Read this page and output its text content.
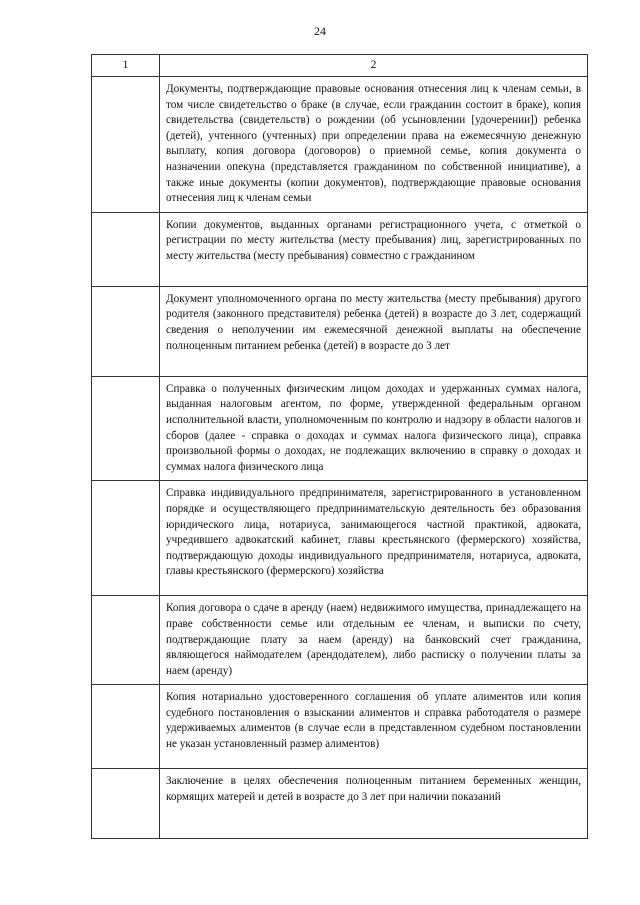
24
1	2
	Документы, подтверждающие правовые основания отнесения лиц к членам семьи, в том числе свидетельство о браке (в случае, если гражданин состоит в браке), копия свидетельства (свидетельств) о рождении (об усыновлении [удочерении]) ребенка (детей), учтенного (учтенных) при определении права на ежемесячную денежную выплату, копия договора (договоров) о приемной семье, копия документа о назначении опекуна (представляется гражданином по собственной инициативе), а также иные документы (копии документов), подтверждающие правовые основания отнесения лиц к членам семьи
	Копии документов, выданных органами регистрационного учета, с отметкой о регистрации по месту жительства (месту пребывания) лиц, зарегистрированных по месту жительства (месту пребывания) совместно с гражданином
	Документ уполномоченного органа по месту жительства (месту пребывания) другого родителя (законного представителя) ребенка (детей) в возрасте до 3 лет, содержащий сведения о неполучении им ежемесячной денежной выплаты на обеспечение полноценным питанием ребенка (детей) в возрасте до 3 лет
	Справка о полученных физическим лицом доходах и удержанных суммах налога, выданная налоговым агентом, по форме, утвержденной федеральным органом исполнительной власти, уполномоченным по контролю и надзору в области налогов и сборов (далее - справка о доходах и суммах налога физического лица), справка произвольной формы о доходах, не подлежащих включению в справку о доходах и суммах налога физического лица
	Справка индивидуального предпринимателя, зарегистрированного в установленном порядке и осуществляющего предпринимательскую деятельность без образования юридического лица, нотариуса, занимающегося частной практикой, адвоката, учредившего адвокатский кабинет, главы крестьянского (фермерского) хозяйства, подтверждающую доходы индивидуального предпринимателя, нотариуса, адвоката, главы крестьянского (фермерского) хозяйства
	Копия договора о сдаче в аренду (наем) недвижимого имущества, принадлежащего на праве собственности семье или отдельным ее членам, и выписки по счету, подтверждающие плату за наем (аренду) на банковский счет гражданина, являющегося наймодателем (арендодателем), либо расписку о получении платы за наем (аренду)
	Копия нотариально удостоверенного соглашения об уплате алиментов или копия судебного постановления о взыскании алиментов и справка работодателя о размере удерживаемых алиментов (в случае если в представленном судебном постановлении не указан установленный размер алиментов)
	Заключение в целях обеспечения полноценным питанием беременных женщин, кормящих матерей и детей в возрасте до 3 лет при наличии показаний
